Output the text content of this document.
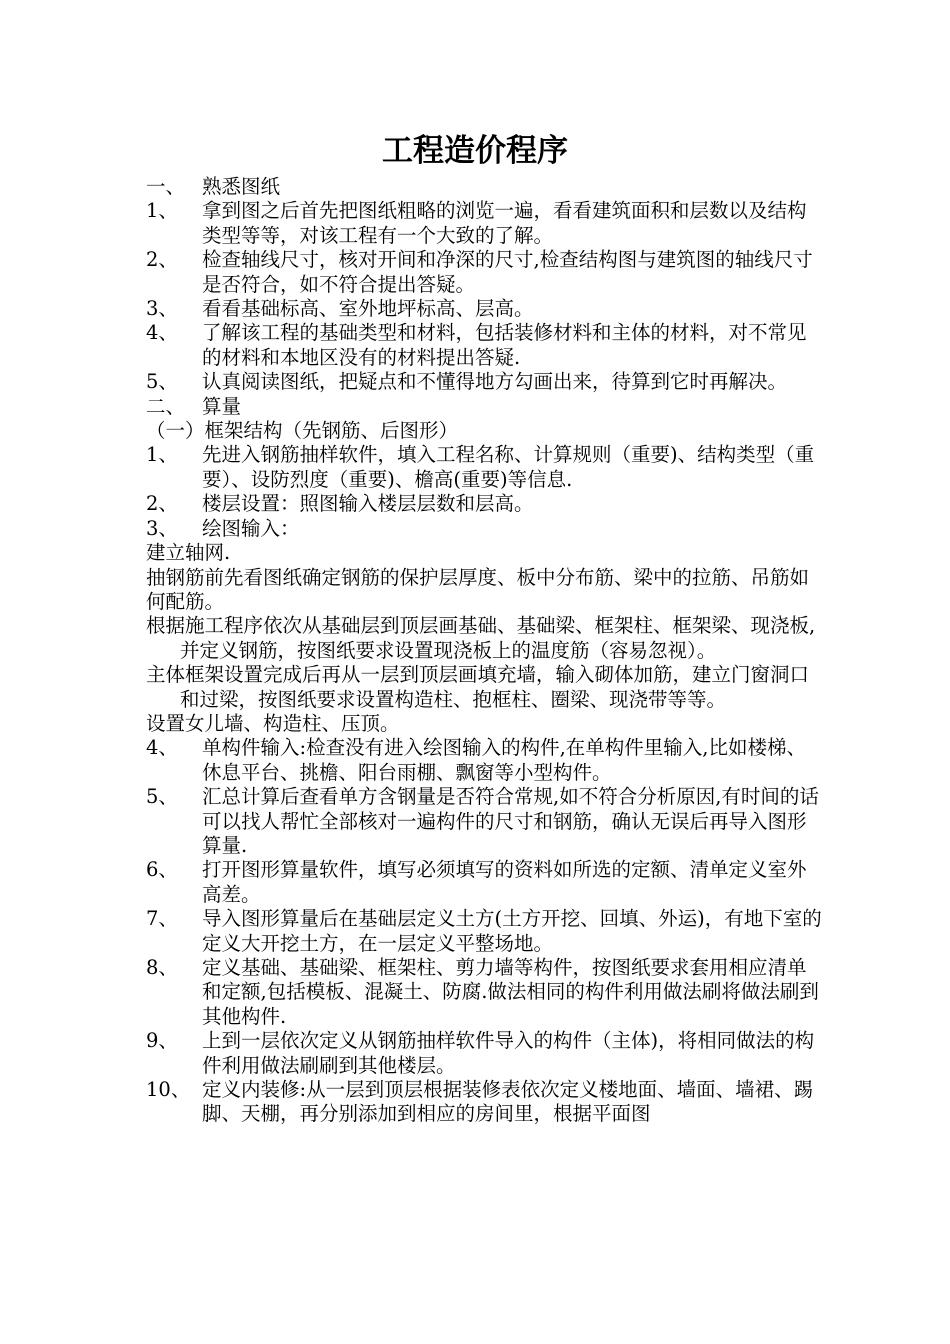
工程造价程序
一、 熟悉图纸
1、 拿到图之后首先把图纸粗略的浏览一遍，看看建筑面积和层数以及结构类型等等，对该工程有一个大致的了解。
2、 检查轴线尺寸，核对开间和净深的尺寸,检查结构图与建筑图的轴线尺寸是否符合，如不符合提出答疑。
3、 看看基础标高、室外地坪标高、层高。
4、 了解该工程的基础类型和材料，包括装修材料和主体的材料，对不常见的材料和本地区没有的材料提出答疑.
5、 认真阅读图纸，把疑点和不懂得地方勾画出来，待算到它时再解决。
二、 算量
（一）框架结构（先钢筋、后图形）
1、 先进入钢筋抽样软件，填入工程名称、计算规则（重要)、结构类型（重要）、设防烈度（重要)、檐高(重要)等信息.
2、 楼层设置：照图输入楼层层数和层高。
3、 绘图输入：
建立轴网.
抽钢筋前先看图纸确定钢筋的保护层厚度、板中分布筋、梁中的拉筋、吊筋如何配筋。
根据施工程序依次从基础层到顶层画基础、基础梁、框架柱、框架梁、现浇板,并定义钢筋，按图纸要求设置现浇板上的温度筋（容易忽视）。
主体框架设置完成后再从一层到顶层画填充墙，输入砌体加筋，建立门窗洞口和过梁，按图纸要求设置构造柱、抱框柱、圈梁、现浇带等等。
设置女儿墙、构造柱、压顶。
4、 单构件输入:检查没有进入绘图输入的构件,在单构件里输入,比如楼梯、休息平台、挑檐、阳台雨棚、飘窗等小型构件。
5、 汇总计算后查看单方含钢量是否符合常规,如不符合分析原因,有时间的话可以找人帮忙全部核对一遍构件的尺寸和钢筋，确认无误后再导入图形算量.
6、 打开图形算量软件，填写必须填写的资料如所选的定额、清单定义室外高差。
7、 导入图形算量后在基础层定义土方(土方开挖、回填、外运)，有地下室的定义大开挖土方，在一层定义平整场地。
8、 定义基础、基础梁、框架柱、剪力墙等构件，按图纸要求套用相应清单和定额,包括模板、混凝土、防腐.做法相同的构件利用做法刷将做法刷到其他构件.
9、 上到一层依次定义从钢筋抽样软件导入的构件（主体)，将相同做法的构件利用做法刷刷到其他楼层。
10、 定义内装修:从一层到顶层根据装修表依次定义楼地面、墙面、墙裙、踢脚、天棚，再分别添加到相应的房间里，根据平面图
